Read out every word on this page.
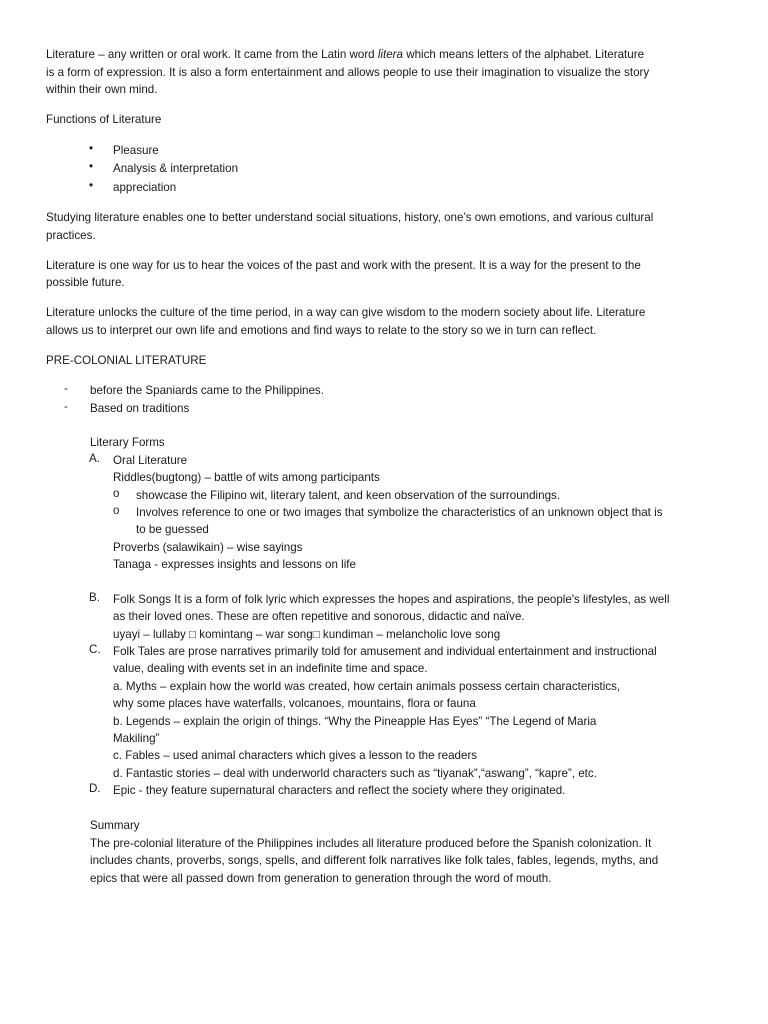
Literature – any written or oral work. It came from the Latin word litera which means letters of the alphabet. Literature
is a form of expression. It is also a form entertainment and allows people to use their imagination to visualize the story
within their own mind.
Functions of Literature
• Pleasure
• Analysis & interpretation
• appreciation
Studying literature enables one to better understand social situations, history, one’s own emotions, and various cultural
practices.
Literature is one way for us to hear the voices of the past and work with the present. It is a way for the present to the
possible future.
Literature unlocks the culture of the time period, in a way can give wisdom to the modern society about life. Literature
allows us to interpret our own life and emotions and find ways to relate to the story so we in turn can reflect.
PRE-COLONIAL LITERATURE
- before the Spaniards came to the Philippines.
- Based on traditions
Literary Forms
A. Oral Literature
Riddles(bugtong) – battle of wits among participants
o showcase the Filipino wit, literary talent, and keen observation of the surroundings.
o Involves reference to one or two images that symbolize the characteristics of an unknown object that is
to be guessed
Proverbs (salawikain) – wise sayings
Tanaga - expresses insights and lessons on life
B. Folk Songs It is a form of folk lyric which expresses the hopes and aspirations, the people's lifestyles, as well
as their loved ones. These are often repetitive and sonorous, didactic and naïve.
uyayi – lullaby □ komintang – war song□ kundiman – melancholic love song
C. Folk Tales are prose narratives primarily told for amusement and individual entertainment and instructional
value, dealing with events set in an indefinite time and space.
a. Myths – explain how the world was created, how certain animals possess certain characteristics,
why some places have waterfalls, volcanoes, mountains, flora or fauna
b. Legends – explain the origin of things. “Why the Pineapple Has Eyes” “The Legend of Maria
Makiling”
c. Fables – used animal characters which gives a lesson to the readers
d. Fantastic stories – deal with underworld characters such as “tiyanak”,“aswang”, “kapre”, etc.
D. Epic - they feature supernatural characters and reflect the society where they originated.
Summary
The pre-colonial literature of the Philippines includes all literature produced before the Spanish colonization. It
includes chants, proverbs, songs, spells, and different folk narratives like folk tales, fables, legends, myths, and
epics that were all passed down from generation to generation through the word of mouth.
